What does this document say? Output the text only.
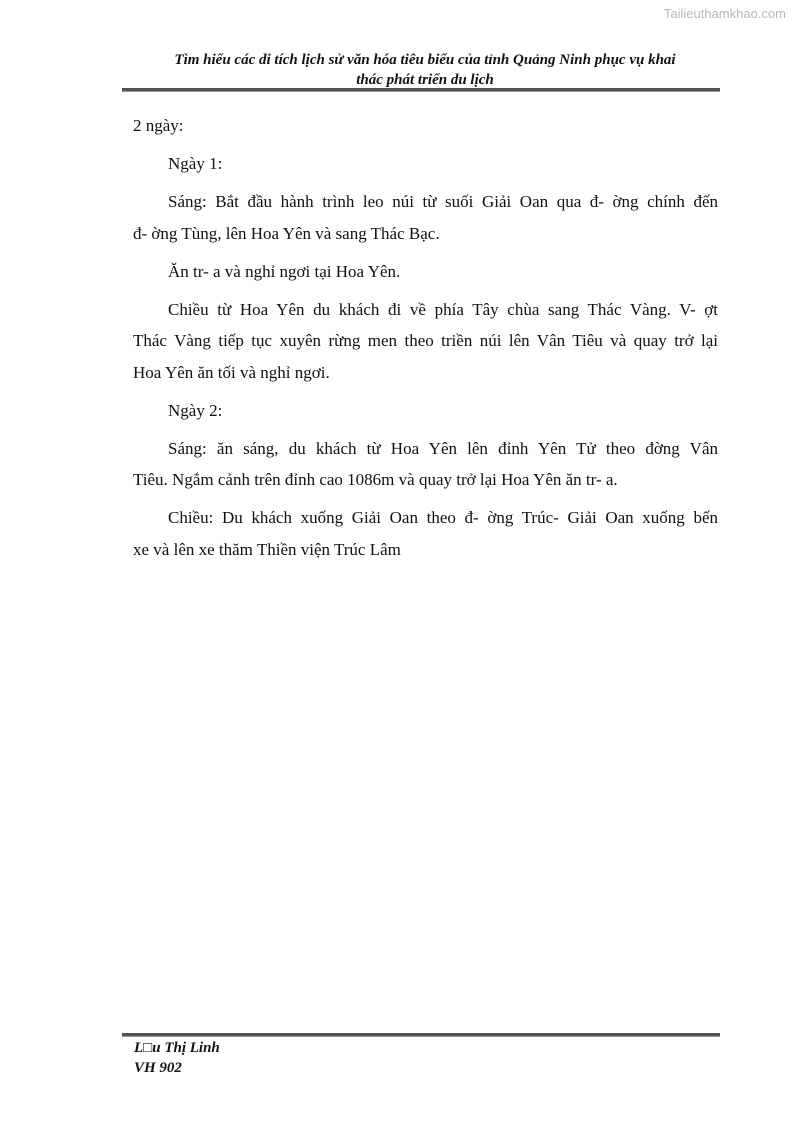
Tailieuthamkhao.com
Tìm hiểu các di tích lịch sử văn hóa tiêu biểu của tỉnh Quảng Ninh phục vụ khai
thác phát triển du lịch
2 ngày:
Ngày 1:
Sáng: Bắt đầu hành trình leo núi từ suối Giải Oan qua đ- ờng chính đến
đ- ờng Tùng, lên Hoa Yên và sang Thác Bạc.
Ăn tr- a và nghỉ ngơi tại Hoa Yên.
Chiều từ Hoa Yên du khách đi về phía Tây chùa sang Thác Vàng. V- ợt
Thác Vàng tiếp tục xuyên rừng men theo triền núi lên Vân Tiêu và quay trở lại
Hoa Yên ăn tối và nghỉ ngơi.
Ngày 2:
Sáng: ăn sáng, du khách từ Hoa Yên lên đỉnh Yên Tử theo đờng Vân
Tiêu. Ngắm cảnh trên đỉnh cao 1086m và quay trở lại Hoa Yên ăn tr- a.
Chiều: Du khách xuống Giải Oan theo đ- ờng Trúc- Giải Oan xuống bến
xe và lên xe thăm Thiền viện Trúc Lâm
L□u Thị Linh
VH 902
